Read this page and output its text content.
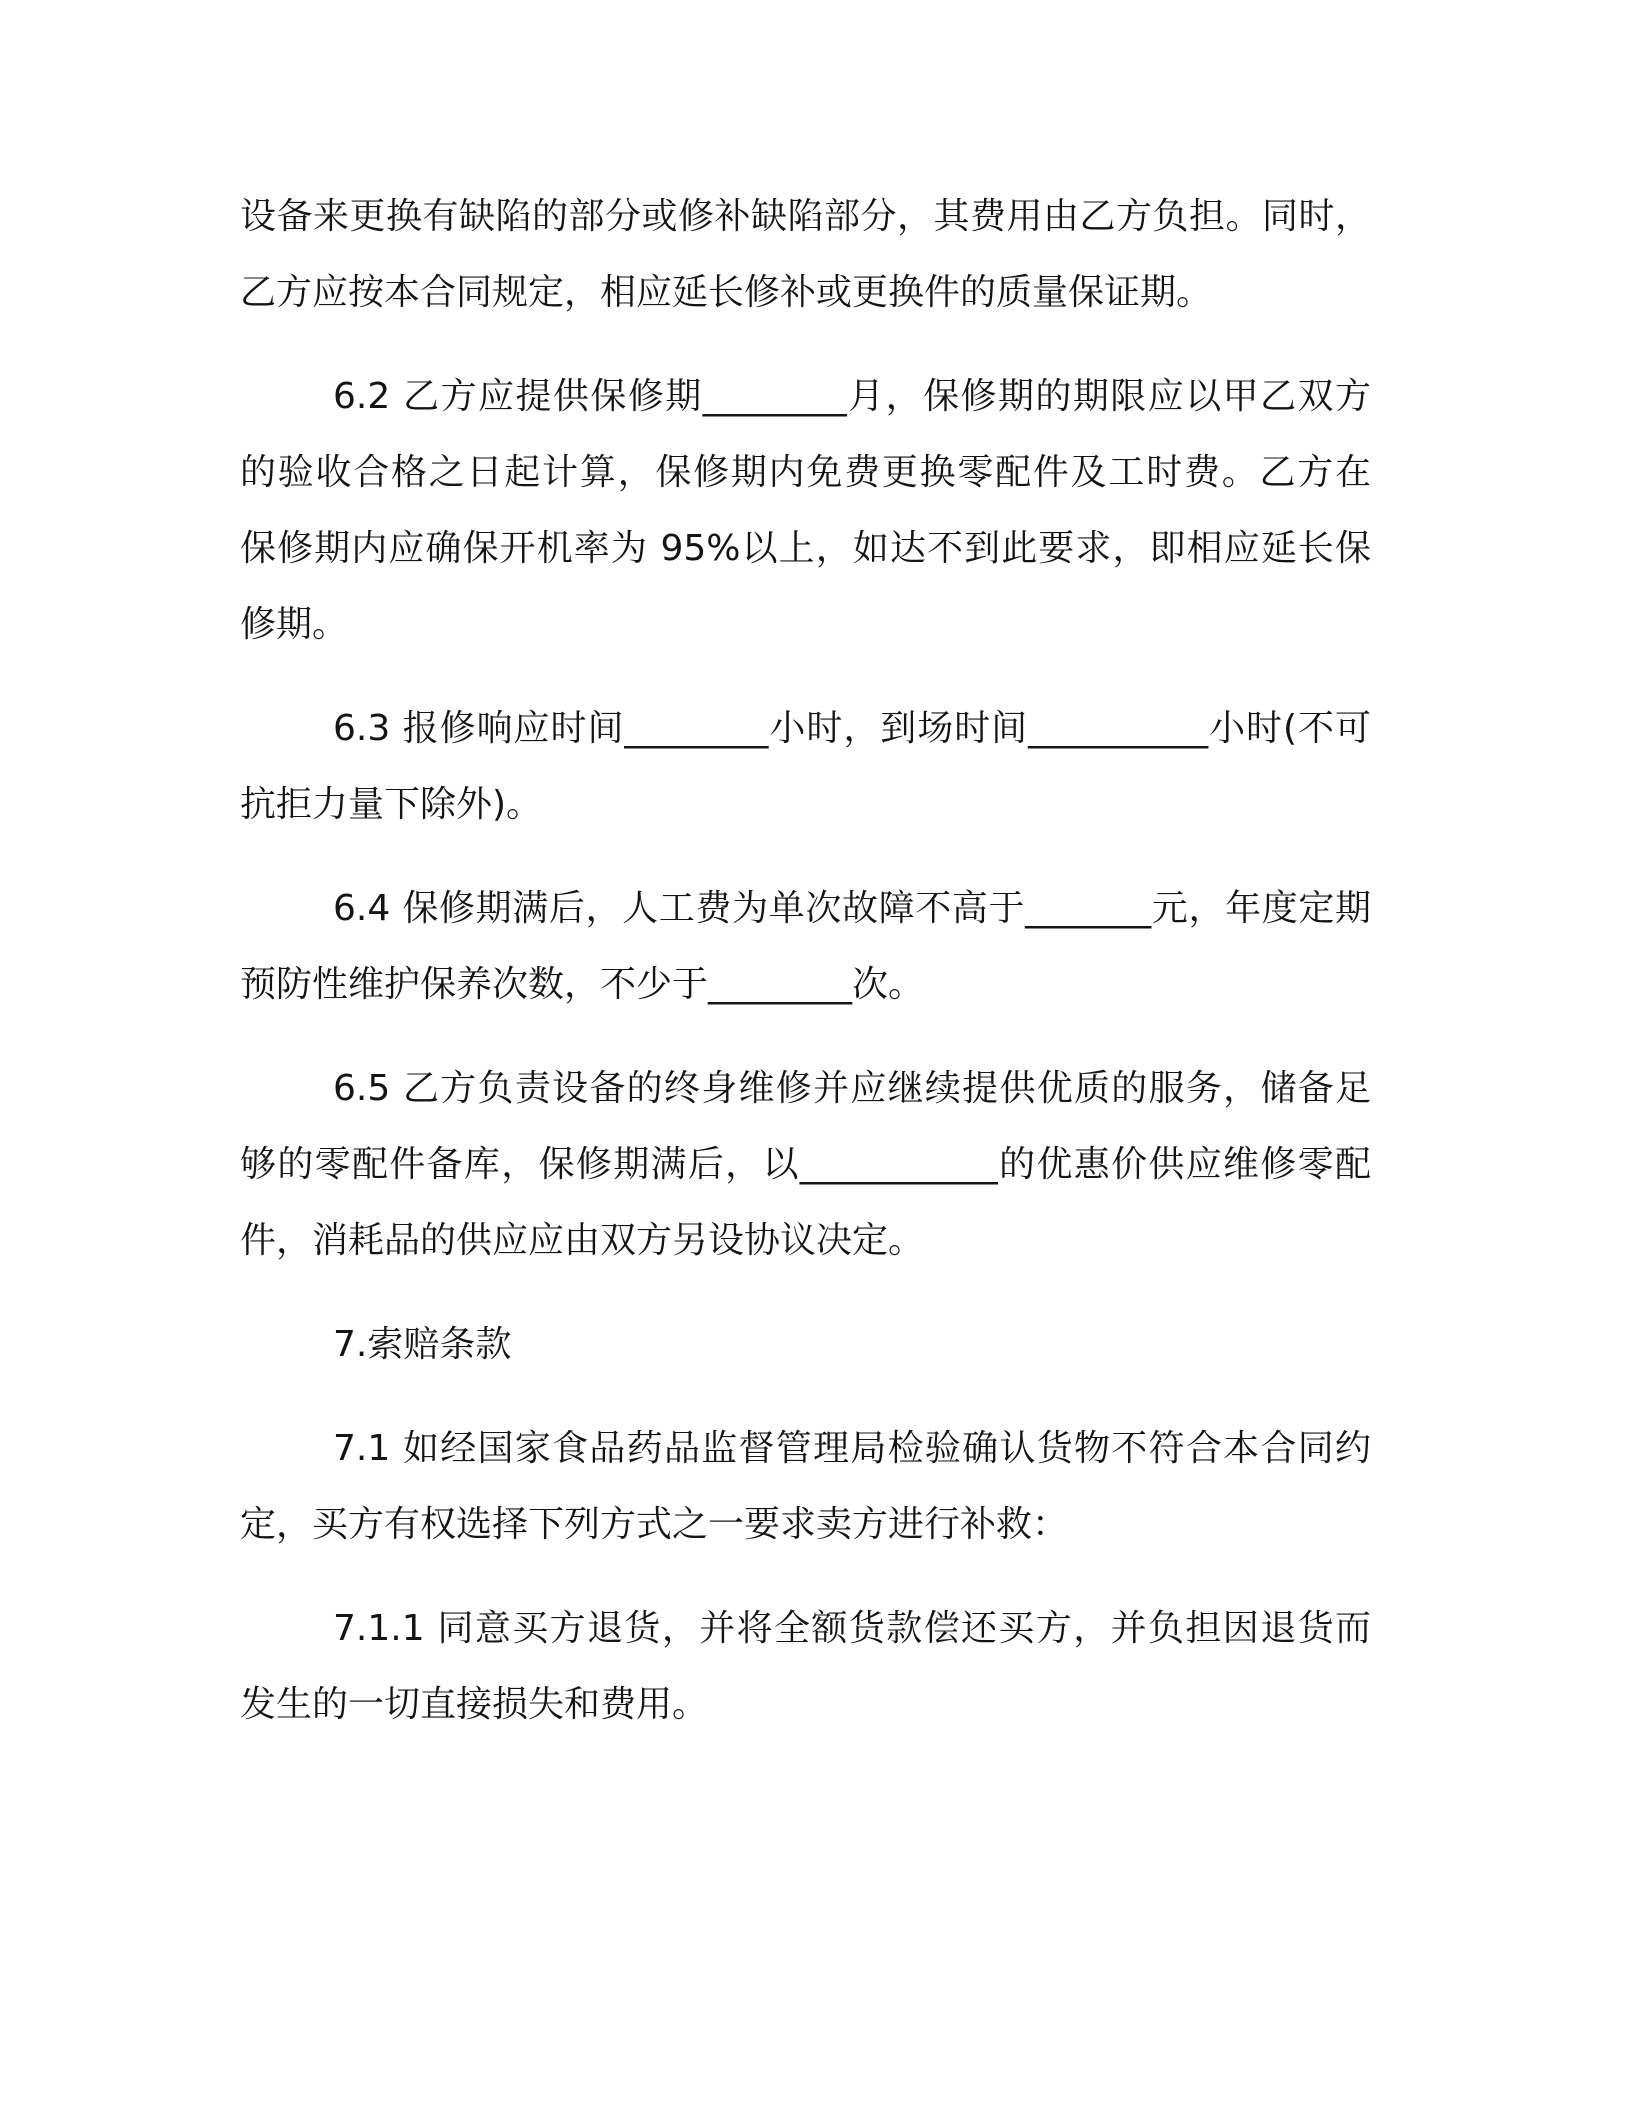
设备来更换有缺陷的部分或修补缺陷部分，其费用由乙方负担。同时，
乙方应按本合同规定，相应延长修补或更换件的质量保证期。
6.2 乙方应提供保修期________月，保修期的期限应以甲乙双方
的验收合格之日起计算，保修期内免费更换零配件及工时费。乙方在
保修期内应确保开机率为 95%以上，如达不到此要求，即相应延长保
修期。
6.3 报修响应时间________小时，到场时间__________小时(不可
抗拒力量下除外)。
6.4 保修期满后，人工费为单次故障不高于_______元，年度定期
预防性维护保养次数，不少于________次。
6.5 乙方负责设备的终身维修并应继续提供优质的服务，储备足
够的零配件备库，保修期满后，以___________的优惠价供应维修零配
件，消耗品的供应应由双方另设协议决定。
7.索赔条款
7.1 如经国家食品药品监督管理局检验确认货物不符合本合同约
定，买方有权选择下列方式之一要求卖方进行补救：
7.1.1 同意买方退货，并将全额货款偿还买方，并负担因退货而
发生的一切直接损失和费用。
